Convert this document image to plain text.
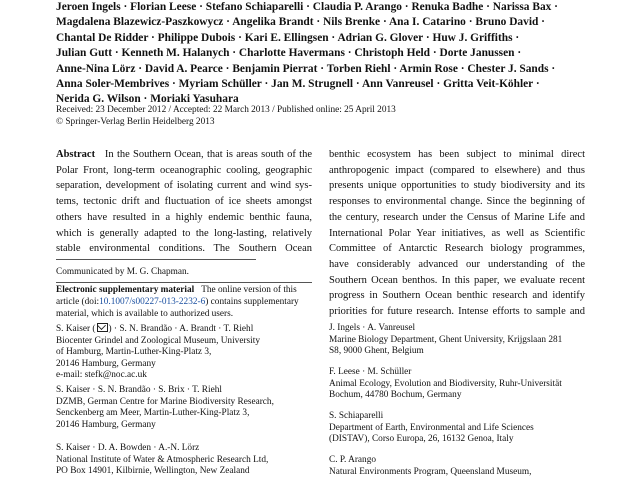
Jeroen Ingels · Florian Leese · Stefano Schiaparelli · Claudia P. Arango · Renuka Badhe · Narissa Bax ·
Magdalena Blazewicz-Paszkowycz · Angelika Brandt · Nils Brenke · Ana I. Catarino · Bruno David ·
Chantal De Ridder · Philippe Dubois · Kari E. Ellingsen · Adrian G. Glover · Huw J. Griffiths ·
Julian Gutt · Kenneth M. Halanych · Charlotte Havermans · Christoph Held · Dorte Janussen ·
Anne-Nina Lörz · David A. Pearce · Benjamin Pierrat · Torben Riehl · Armin Rose · Chester J. Sands ·
Anna Soler-Membrives · Myriam Schüller · Jan M. Strugnell · Ann Vanreusel · Gritta Veit-Köhler ·
Nerida G. Wilson · Moriaki Yasuhara
Received: 23 December 2012 / Accepted: 22 March 2013 / Published online: 25 April 2013
© Springer-Verlag Berlin Heidelberg 2013
Abstract In the Southern Ocean, that is areas south of the
Polar Front, long-term oceanographic cooling, geographic
separation, development of isolating current and wind sys-
tems, tectonic drift and fluctuation of ice sheets amongst
others have resulted in a highly endemic benthic fauna,
which is generally adapted to the long-lasting, relatively
stable environmental conditions. The Southern Ocean
benthic ecosystem has been subject to minimal direct
anthropogenic impact (compared to elsewhere) and thus
presents unique opportunities to study biodiversity and its
responses to environmental change. Since the beginning of
the century, research under the Census of Marine Life and
International Polar Year initiatives, as well as Scientific
Committee of Antarctic Research biology programmes,
have considerably advanced our understanding of the
Southern Ocean benthos. In this paper, we evaluate recent
progress in Southern Ocean benthic research and identify
priorities for future research. Intense efforts to sample and
Communicated by M. G. Chapman.
Electronic supplementary material The online version of this
article (doi:10.1007/s00227-013-2232-6) contains supplementary
material, which is available to authorized users.
S. Kaiser ( ) · S. N. Brandão · A. Brandt · T. Riehl
Biocenter Grindel and Zoological Museum, University
of Hamburg, Martin-Luther-King-Platz 3,
20146 Hamburg, Germany
e-mail: stefk@noc.ac.uk
S. Kaiser · S. N. Brandão · S. Brix · T. Riehl
DZMB, German Centre for Marine Biodiversity Research,
Senckenberg am Meer, Martin-Luther-King-Platz 3,
20146 Hamburg, Germany
S. Kaiser · D. A. Bowden · A.-N. Lörz
National Institute of Water & Atmospheric Research Ltd,
PO Box 14901, Kilbirnie, Wellington, New Zealand
J. Ingels · A. Vanreusel
Marine Biology Department, Ghent University, Krijgslaan 281
S8, 9000 Ghent, Belgium
F. Leese · M. Schüller
Animal Ecology, Evolution and Biodiversity, Ruhr-Universität
Bochum, 44780 Bochum, Germany
S. Schiaparelli
Department of Earth, Environmental and Life Sciences
(DISTAV), Corso Europa, 26, 16132 Genoa, Italy
C. P. Arango
Natural Environments Program, Queensland Museum,
